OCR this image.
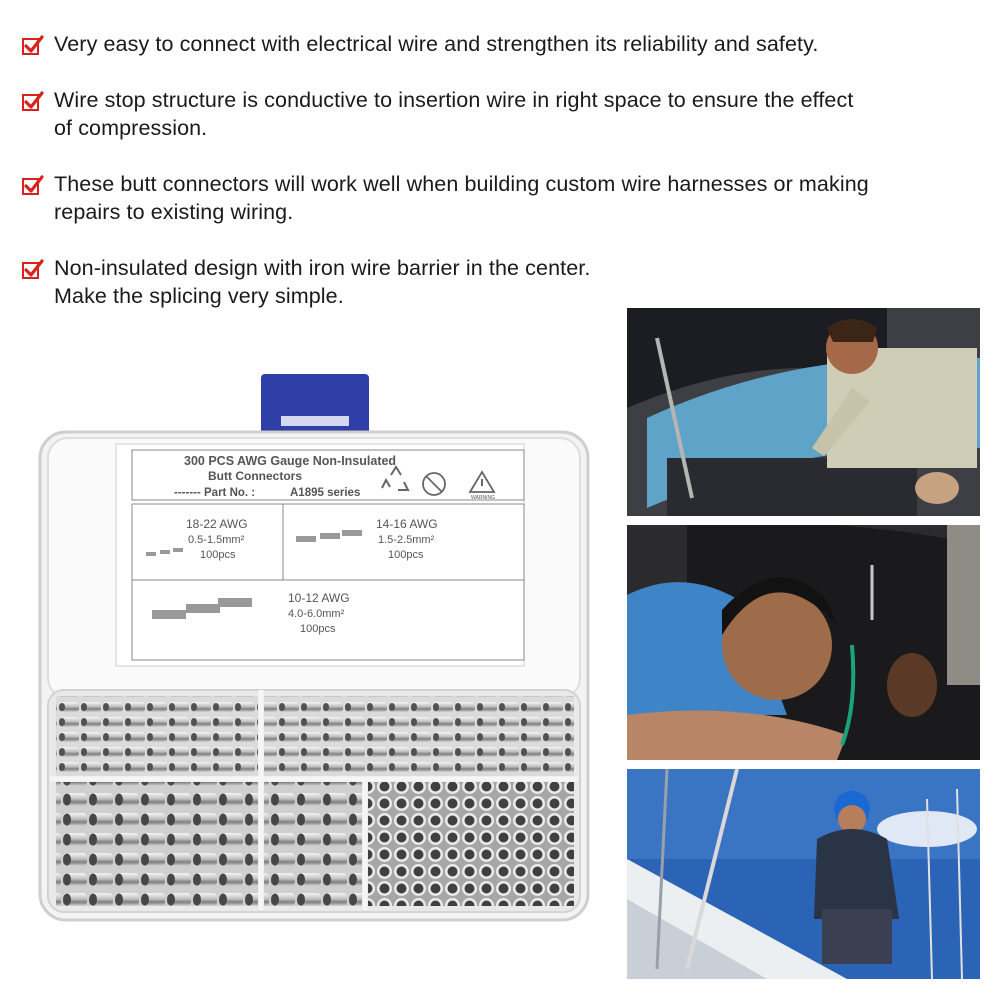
Very easy to connect with electrical wire and strengthen its reliability and safety.
Wire stop structure is conductive to insertion wire in right space to ensure the effect
of compression.
These butt connectors will work well when building custom wire harnesses or making
repairs to existing wiring.
Non-insulated design with iron wire barrier in the center.
Make the splicing very simple.
300 PCS AWG Gauge Non-Insulated
Butt Connectors
------- Part No. :	A1895 series	WARNING
18-22 AWG
0.5-1.5mm²
100pcs
14-16 AWG
1.5-2.5mm²
100pcs
10-12 AWG
4.0-6.0mm²
100pcs
